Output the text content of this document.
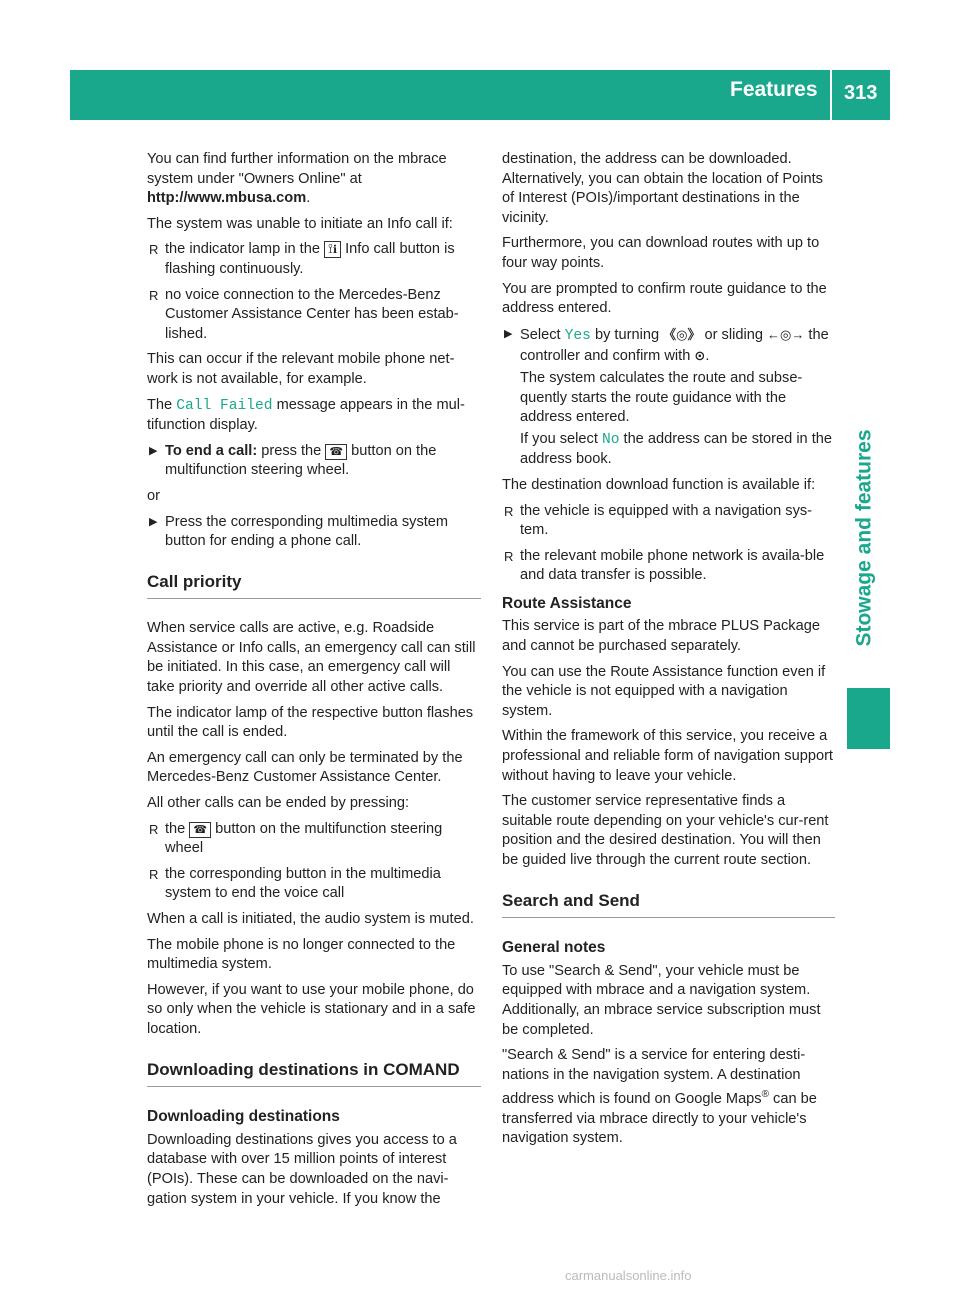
Features 313
Stowage and features

You can find further information on the mbrace system under "Owners Online" at http://www.mbusa.com.

The system was unable to initiate an Info call if:

R the indicator lamp in the ⟟ℹ Info call button is flashing continuously.
R no voice connection to the Mercedes-Benz Customer Assistance Center has been estab-lished.

This can occur if the relevant mobile phone net-work is not available, for example.

The Call Failed message appears in the mul-tifunction display.

▶ To end a call: press the ☎ button on the multifunction steering wheel.

or

▶ Press the corresponding multimedia system button for ending a phone call.
Call priority

When service calls are active, e.g. Roadside Assistance or Info calls, an emergency call can still be initiated. In this case, an emergency call will take priority and override all other active calls.

The indicator lamp of the respective button flashes until the call is ended.

An emergency call can only be terminated by the Mercedes-Benz Customer Assistance Center.

All other calls can be ended by pressing:

R the ☎ button on the multifunction steering wheel
R the corresponding button in the multimedia system to end the voice call

When a call is initiated, the audio system is muted.

The mobile phone is no longer connected to the multimedia system.

However, if you want to use your mobile phone, do so only when the vehicle is stationary and in a safe location.

Downloading destinations in COMAND
Downloading destinations

Downloading destinations gives you access to a database with over 15 million points of interest (POIs). These can be downloaded on the navi-gation system in your vehicle. If you know the

destination, the address can be downloaded. Alternatively, you can obtain the location of Points of Interest (POIs)/important destinations in the vicinity.

Furthermore, you can download routes with up to four way points.

You are prompted to confirm route guidance to the address entered.

▶ Select Yes by turning 《◎》 or sliding ←◎→ the controller and confirm with ⊙.
The system calculates the route and subse-quently starts the route guidance with the address entered.
If you select No the address can be stored in the address book.

The destination download function is available if:

R the vehicle is equipped with a navigation sys-tem.
R the relevant mobile phone network is availa-ble and data transfer is possible.
Route Assistance

This service is part of the mbrace PLUS Package and cannot be purchased separately.

You can use the Route Assistance function even if the vehicle is not equipped with a navigation system.

Within the framework of this service, you receive a professional and reliable form of navigation support without having to leave your vehicle.

The customer service representative finds a suitable route depending on your vehicle's cur-rent position and the desired destination. You will then be guided live through the current route section.

Search and Send
General notes

To use "Search & Send", your vehicle must be equipped with mbrace and a navigation system. Additionally, an mbrace service subscription must be completed.

"Search & Send" is a service for entering desti-nations in the navigation system. A destination address which is found on Google Maps® can be transferred via mbrace directly to your vehicle's navigation system.

carmanualsonline.info
